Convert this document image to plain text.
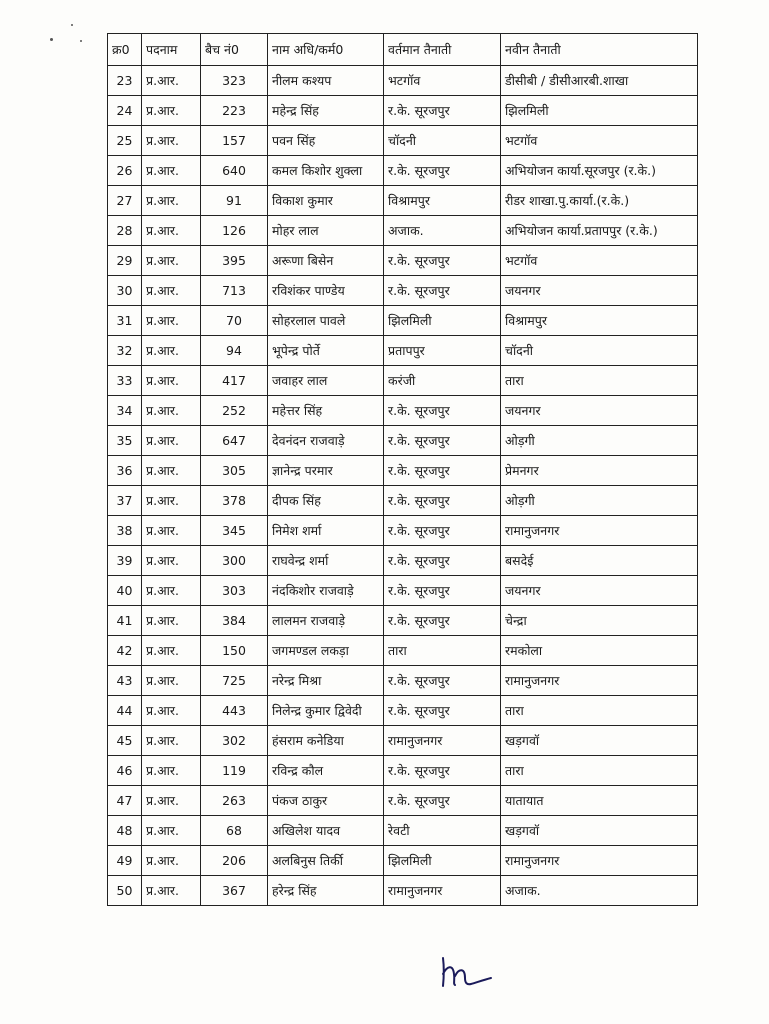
क्र0	पदनाम	बैच नं0	नाम अधि/कर्म0	वर्तमान तैनाती	नवीन तैनाती
23	प्र.आर.	323	नीलम कश्यप	भटगॉव	डीसीबी / डीसीआरबी.शाखा
24	प्र.आर.	223	महेन्द्र सिंह	र.के. सूरजपुर	झिलमिली
25	प्र.आर.	157	पवन सिंह	चॉदनी	भटगॉव
26	प्र.आर.	640	कमल किशोर शुक्ला	र.के. सूरजपुर	अभियोजन कार्या.सूरजपुर (र.के.)
27	प्र.आर.	91	विकाश कुमार	विश्रामपुर	रीडर शाखा.पु.कार्या.(र.के.)
28	प्र.आर.	126	मोहर लाल	अजाक.	अभियोजन कार्या.प्रतापपुर (र.के.)
29	प्र.आर.	395	अरूणा बिसेन	र.के. सूरजपुर	भटगॉव
30	प्र.आर.	713	रविशंकर पाण्डेय	र.के. सूरजपुर	जयनगर
31	प्र.आर.	70	सोहरलाल पावले	झिलमिली	विश्रामपुर
32	प्र.आर.	94	भूपेन्द्र पोर्ते	प्रतापपुर	चॉदनी
33	प्र.आर.	417	जवाहर लाल	करंजी	तारा
34	प्र.आर.	252	महेत्तर सिंह	र.के. सूरजपुर	जयनगर
35	प्र.आर.	647	देवनंदन राजवाड़े	र.के. सूरजपुर	ओड़गी
36	प्र.आर.	305	ज्ञानेन्द्र परमार	र.के. सूरजपुर	प्रेमनगर
37	प्र.आर.	378	दीपक सिंह	र.के. सूरजपुर	ओड़गी
38	प्र.आर.	345	निमेश शर्मा	र.के. सूरजपुर	रामानुजनगर
39	प्र.आर.	300	राघवेन्द्र शर्मा	र.के. सूरजपुर	बसदेई
40	प्र.आर.	303	नंदकिशोर राजवाड़े	र.के. सूरजपुर	जयनगर
41	प्र.आर.	384	लालमन राजवाड़े	र.के. सूरजपुर	चेन्द्रा
42	प्र.आर.	150	जगमण्डल लकड़ा	तारा	रमकोला
43	प्र.आर.	725	नरेन्द्र मिश्रा	र.के. सूरजपुर	रामानुजनगर
44	प्र.आर.	443	निलेन्द्र कुमार द्विवेदी	र.के. सूरजपुर	तारा
45	प्र.आर.	302	हंसराम कनेडिया	रामानुजनगर	खड़गवॉ
46	प्र.आर.	119	रविन्द्र कौल	र.के. सूरजपुर	तारा
47	प्र.आर.	263	पंकज ठाकुर	र.के. सूरजपुर	यातायात
48	प्र.आर.	68	अखिलेश यादव	रेवटी	खड़गवॉ
49	प्र.आर.	206	अलबिनुस तिर्की	झिलमिली	रामानुजनगर
50	प्र.आर.	367	हरेन्द्र सिंह	रामानुजनगर	अजाक.
